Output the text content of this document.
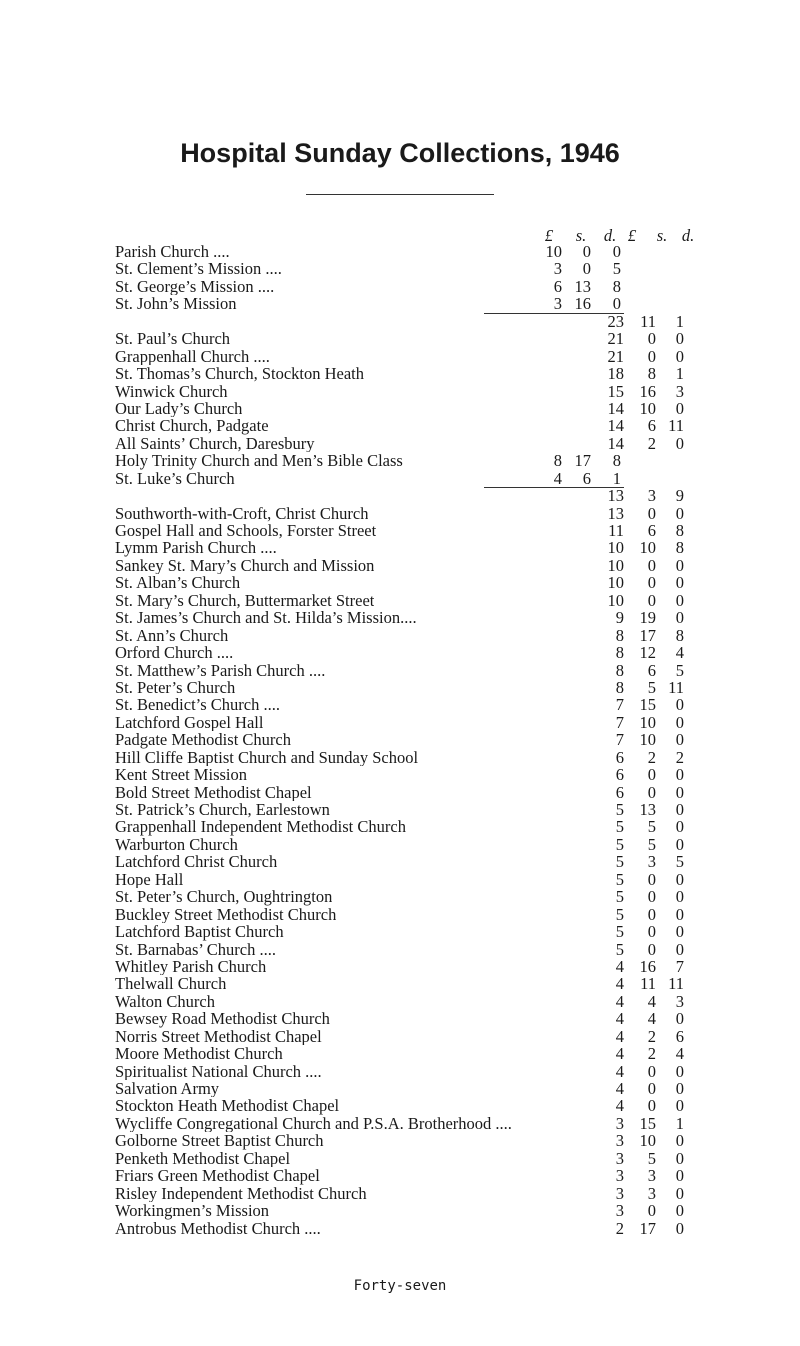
Hospital Sunday Collections, 1946
£	s.	d. £	s. d.
Parish Church ....	10	0	0
St. Clement’s Mission ....	3	0	5
St. George’s Mission ....	6 13	8
St. John’s Mission	3 16	0
23 11	1
St. Paul’s Church	21	0	0
Grappenhall Church ....	21	0	0
St. Thomas’s Church, Stockton Heath	18	8	1
Winwick Church	15 16	3
Our Lady’s Church	14 10	0
Christ Church, Padgate	14	6 11
All Saints’ Church, Daresbury	14	2	0
Holy Trinity Church and Men’s Bible Class	8 17	8
St. Luke’s Church	4	6	1
13	3	9
Southworth-with-Croft, Christ Church	13	0	0
Gospel Hall and Schools, Forster Street	11	6	8
Lymm Parish Church ....	10 10	8
Sankey St. Mary’s Church and Mission	10	0	0
St. Alban’s Church	10	0	0
St. Mary’s Church, Buttermarket Street	10	0	0
St. James’s Church and St. Hilda’s Mission....	9 19	0
St. Ann’s Church	8 17	8
Orford Church ....	8 12	4
St. Matthew’s Parish Church ....	8	6	5
St. Peter’s Church	8	5 11
St. Benedict’s Church ....	7 15	0
Latchford Gospel Hall	7 10	0
Padgate Methodist Church	7 10	0
Hill Cliffe Baptist Church and Sunday School	6	2	2
Kent Street Mission	6	0	0
Bold Street Methodist Chapel	6	0	0
St. Patrick’s Church, Earlestown	5 13	0
Grappenhall Independent Methodist Church	5	5	0
Warburton Church	5	5	0
Latchford Christ Church	5	3	5
Hope Hall	5	0	0
St. Peter’s Church, Oughtrington	5	0	0
Buckley Street Methodist Church	5	0	0
Latchford Baptist Church	5	0	0
St. Barnabas’ Church ....	5	0	0
Whitley Parish Church	4 16	7
Thelwall Church	4 11 11
Walton Church	4	4	3
Bewsey Road Methodist Church	4	4	0
Norris Street Methodist Chapel	4	2	6
Moore Methodist Church	4	2	4
Spiritualist National Church ....	4	0	0
Salvation Army	4	0	0
Stockton Heath Methodist Chapel	4	0	0
Wycliffe Congregational Church and P.S.A. Brotherhood ....	3 15	1
Golborne Street Baptist Church	3 10	0
Penketh Methodist Chapel	3	5	0
Friars Green Methodist Chapel	3	3	0
Risley Independent Methodist Church	3	3	0
Workingmen’s Mission	3	0	0
Antrobus Methodist Church ....	2 17	0
Forty-seven
